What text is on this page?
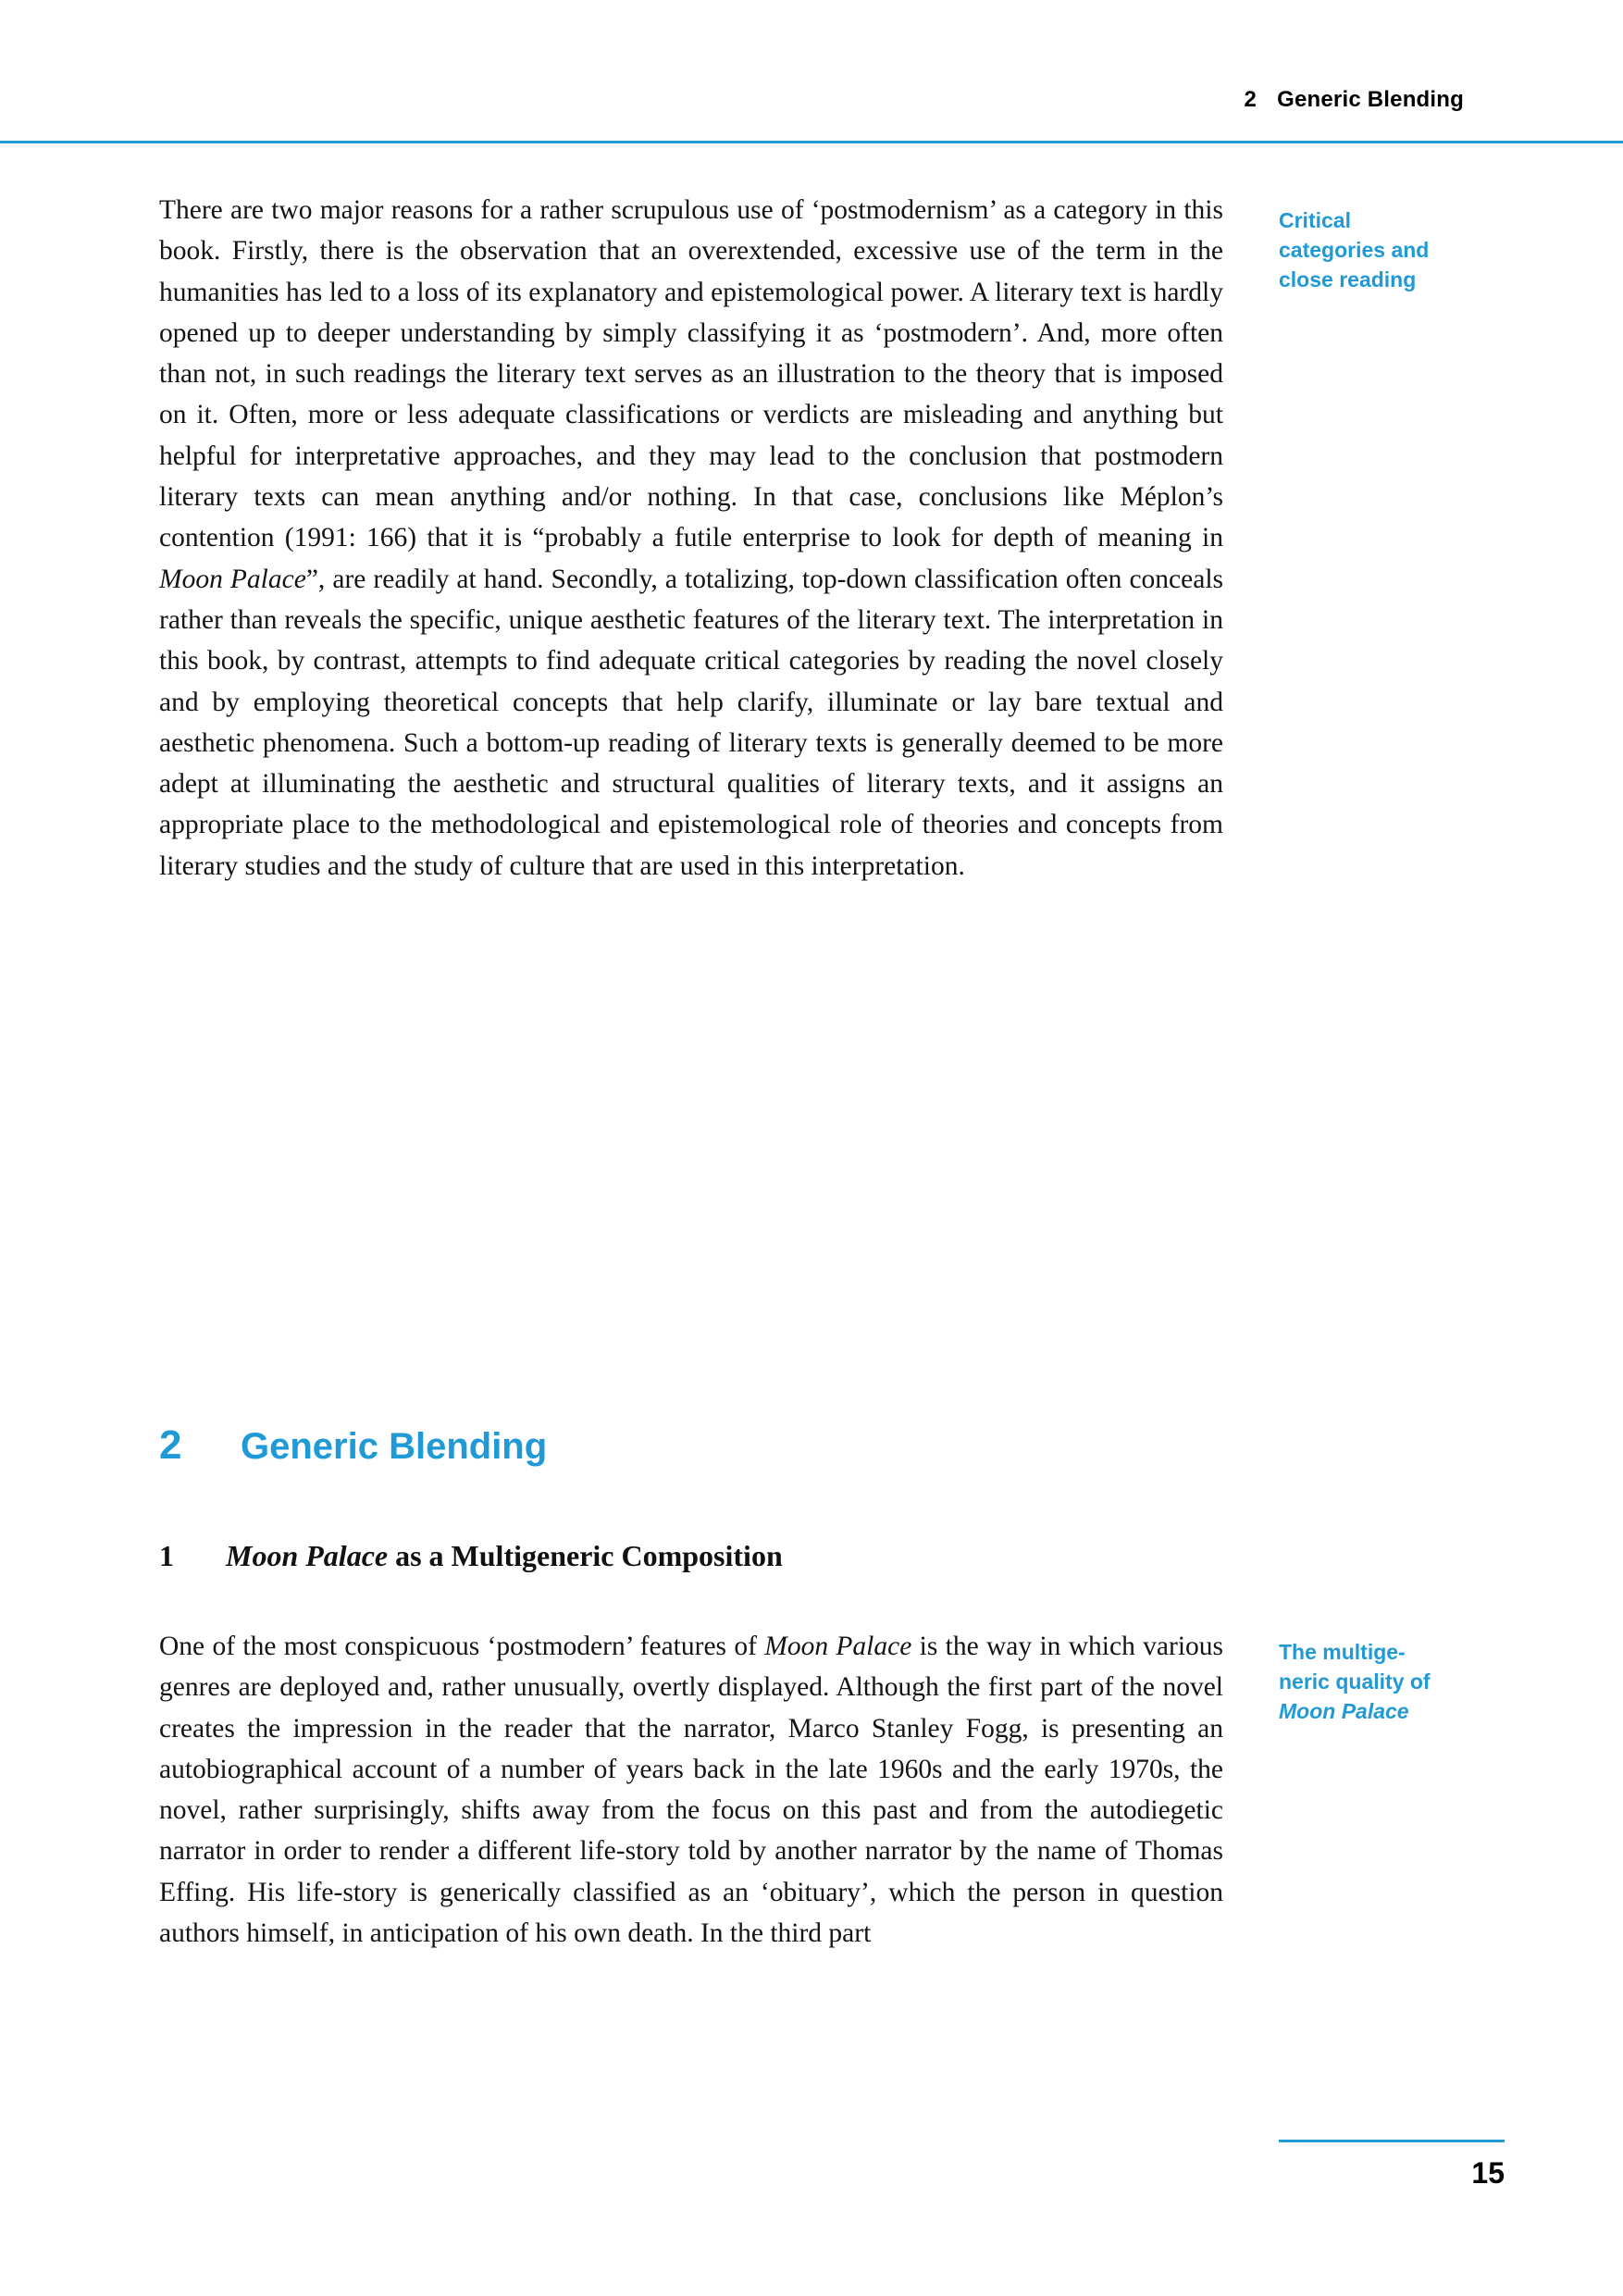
2 Generic Blending
Critical
categories and
close reading

There are two major reasons for a rather scrupulous use of ‘postmodernism’ as a category in this book. Firstly, there is the observation that an overextended, excessive use of the term in the humanities has led to a loss of its explanatory and epistemological power. A literary text is hardly opened up to deeper understanding by simply classifying it as ‘postmodern’. And, more often than not, in such readings the literary text serves as an illustration to the theory that is imposed on it. Often, more or less adequate classifications or verdicts are misleading and anything but helpful for interpretative approaches, and they may lead to the conclusion that postmodern literary texts can mean anything and/or nothing. In that case, conclusions like Méplon’s contention (1991: 166) that it is “probably a futile enterprise to look for depth of meaning in Moon Palace”, are readily at hand. Secondly, a totalizing, top-down classification often conceals rather than reveals the specific, unique aesthetic features of the literary text. The interpretation in this book, by contrast, attempts to find adequate critical categories by reading the novel closely and by employing theoretical concepts that help clarify, illuminate or lay bare textual and aesthetic phenomena. Such a bottom-up reading of literary texts is generally deemed to be more adept at illuminating the aesthetic and structural qualities of literary texts, and it assigns an appropriate place to the methodological and epistemological role of theories and concepts from literary studies and the study of culture that are used in this interpretation.

2	Generic Blending
1	Moon Palace as a Multigeneric Composition
The multige-
neric quality of
Moon Palace

One of the most conspicuous ‘postmodern’ features of Moon Palace is the way in which various genres are deployed and, rather unusually, overtly displayed. Although the first part of the novel creates the impression in the reader that the narrator, Marco Stanley Fogg, is presenting an autobiographical account of a number of years back in the late 1960s and the early 1970s, the novel, rather surprisingly, shifts away from the focus on this past and from the autodiegetic narrator in order to render a different life-story told by another narrator by the name of Thomas Effing. His life-story is generically classified as an ‘obituary’, which the person in question authors himself, in anticipation of his own death. In the third part

15
